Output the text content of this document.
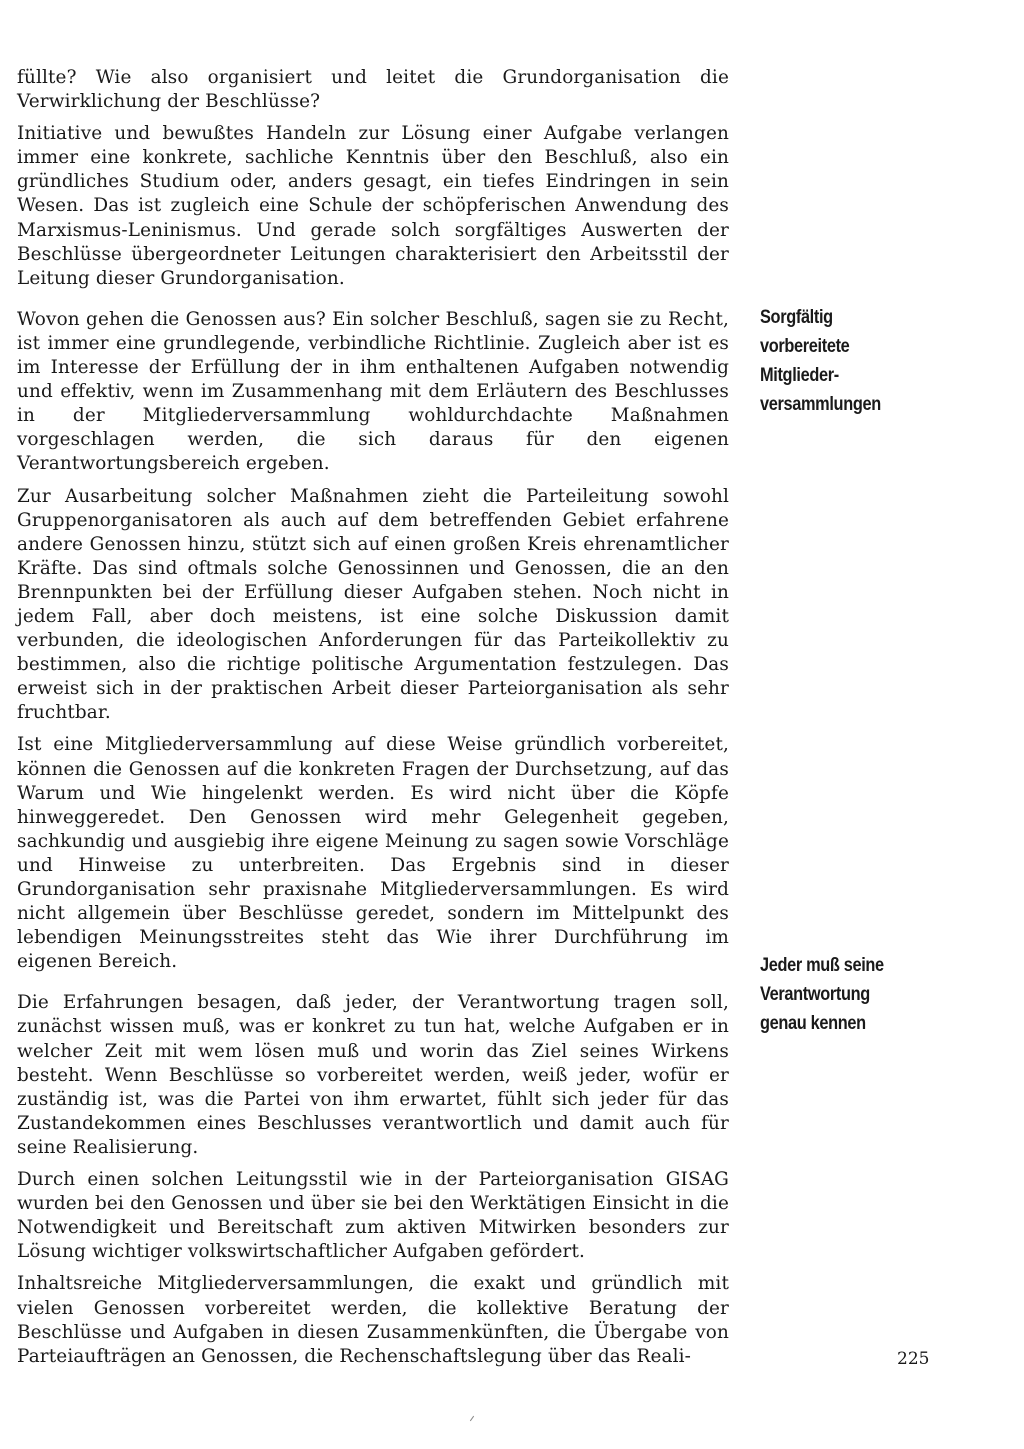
füllte? Wie also organisiert und leitet die Grundorganisation die Verwirklichung der Beschlüsse?

Initiative und bewußtes Handeln zur Lösung einer Aufgabe verlangen immer eine konkrete, sachliche Kenntnis über den Beschluß, also ein gründliches Studium oder, anders gesagt, ein tiefes Eindringen in sein Wesen. Das ist zugleich eine Schule der schöpferischen Anwendung des Marxismus-Leninismus. Und gerade solch sorgfältiges Auswerten der Beschlüsse übergeordneter Leitungen charakterisiert den Arbeitsstil der Leitung dieser Grundorganisation.

Wovon gehen die Genossen aus? Ein solcher Beschluß, sagen sie zu Recht, ist immer eine grundlegende, verbindliche Richtlinie. Zugleich aber ist es im Interesse der Erfüllung der in ihm enthaltenen Aufgaben notwendig und effektiv, wenn im Zusammenhang mit dem Erläutern des Beschlusses in der Mitgliederversammlung wohldurchdachte Maßnahmen vorgeschlagen werden, die sich daraus für den eigenen Verantwortungsbereich ergeben.

Zur Ausarbeitung solcher Maßnahmen zieht die Parteileitung sowohl Gruppenorganisatoren als auch auf dem betreffenden Gebiet erfahrene andere Genossen hinzu, stützt sich auf einen großen Kreis ehrenamtlicher Kräfte. Das sind oftmals solche Genossinnen und Genossen, die an den Brennpunkten bei der Erfüllung dieser Aufgaben stehen. Noch nicht in jedem Fall, aber doch meistens, ist eine solche Diskussion damit verbunden, die ideologischen Anforderungen für das Parteikollektiv zu bestimmen, also die richtige politische Argumentation festzulegen. Das erweist sich in der praktischen Arbeit dieser Parteiorganisation als sehr fruchtbar.

Ist eine Mitgliederversammlung auf diese Weise gründlich vorbereitet, können die Genossen auf die konkreten Fragen der Durchsetzung, auf das Warum und Wie hingelenkt werden. Es wird nicht über die Köpfe hinweggeredet. Den Genossen wird mehr Gelegenheit gegeben, sachkundig und ausgiebig ihre eigene Meinung zu sagen sowie Vorschläge und Hinweise zu unterbreiten. Das Ergebnis sind in dieser Grundorganisation sehr praxisnahe Mitgliederversammlungen. Es wird nicht allgemein über Beschlüsse geredet, sondern im Mittelpunkt des lebendigen Meinungsstreites steht das Wie ihrer Durchführung im eigenen Bereich.

Die Erfahrungen besagen, daß jeder, der Verantwortung tragen soll, zunächst wissen muß, was er konkret zu tun hat, welche Aufgaben er in welcher Zeit mit wem lösen muß und worin das Ziel seines Wirkens besteht. Wenn Beschlüsse so vorbereitet werden, weiß jeder, wofür er zuständig ist, was die Partei von ihm erwartet, fühlt sich jeder für das Zustandekommen eines Beschlusses verantwortlich und damit auch für seine Realisierung.

Durch einen solchen Leitungsstil wie in der Parteiorganisation GISAG wurden bei den Genossen und über sie bei den Werktätigen Einsicht in die Notwendigkeit und Bereitschaft zum aktiven Mitwirken besonders zur Lösung wichtiger volkswirtschaftlicher Aufgaben gefördert.

Inhaltsreiche Mitgliederversammlungen, die exakt und gründlich mit vielen Genossen vorbereitet werden, die kollektive Beratung der Beschlüsse und Aufgaben in diesen Zusammenkünften, die Übergabe von Parteiaufträgen an Genossen, die Rechenschaftslegung über das Reali-

Sorgfältig
vorbereitete
Mitglieder-
versammlungen
Jeder muß seine
Verantwortung
genau kennen
225
